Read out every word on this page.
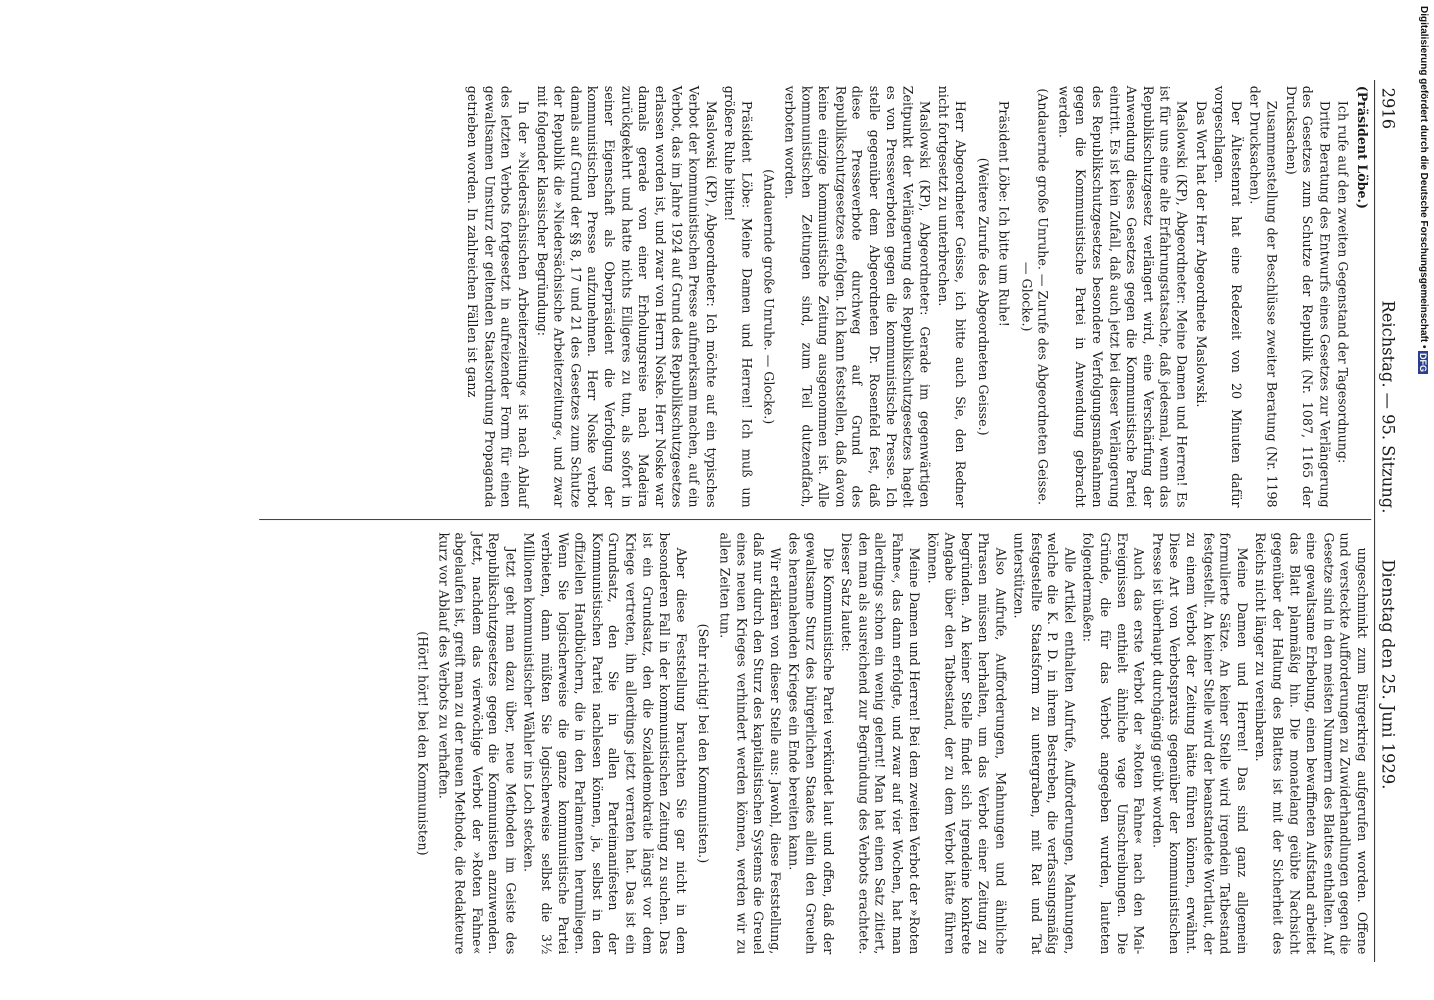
2916
Reichstag. — 95. Sitzung.
Dienstag den 25. Juni 1929.

(Präsident Löbe.)

Ich rufe auf den zweiten Gegenstand der Tagesordnung:

Dritte Beratung des Entwurfs eines Gesetzes zur Verlängerung des Gesetzes zum Schutze der Republik (Nr. 1087, 1165 der Drucksachen)

Zusammenstellung der Beschlüsse zweiter Beratung (Nr. 1198 der Drucksachen).

Der Ältestenrat hat eine Redezeit von 20 Minuten dafür vorgeschlagen.

Das Wort hat der Herr Abgeordnete Maslowski.

Maslowski (KP), Abgeordneter: Meine Damen und Herren! Es ist für uns eine alte Erfahrungstatsache, daß jedesmal, wenn das Republikschutzgesetz verlängert wird, eine Verschärfung der Anwendung dieses Gesetzes gegen die Kommunistische Partei eintritt. Es ist kein Zufall, daß auch jetzt bei dieser Verlängerung des Republikschutzgesetzes besondere Verfolgungsmaßnahmen gegen die Kommunistische Partei in Anwendung gebracht werden.

(Andauernde große Unruhe. — Zurufe des Abgeordneten Geisse. — Glocke.)

Präsident Löbe: Ich bitte um Ruhe!

(Weitere Zurufe des Abgeordneten Geisse.)

Herr Abgeordneter Geisse, ich bitte auch Sie, den Redner nicht fortgesetzt zu unterbrechen.

Maslowski (KP), Abgeordneter: Gerade im gegenwärtigen Zeitpunkt der Verlängerung des Republikschutzgesetzes hagelt es von Presseverboten gegen die kommunistische Presse. Ich stelle gegenüber dem Abgeordneten Dr. Rosenfeld fest, daß diese Presseverbote durchweg auf Grund des Republikschutzgesetzes erfolgen. Ich kann feststellen, daß davon keine einzige kommunistische Zeitung ausgenommen ist. Alle kommunistischen Zeitungen sind, zum Teil dutzendfach, verboten worden.

(Andauernde große Unruhe. — Glocke.)

Präsident Löbe: Meine Damen und Herren! Ich muß um größere Ruhe bitten!

Maslowski (KP), Abgeordneter: Ich möchte auf ein typisches Verbot der kommunistischen Presse aufmerksam machen, auf ein Verbot, das im Jahre 1924 auf Grund des Republikschutzgesetzes erlassen worden ist, und zwar von Herrn Noske. Herr Noske war damals gerade von einer Erholungsreise nach Madeira zurückgekehrt und hatte nichts Eiligeres zu tun, als sofort in seiner Eigenschaft als Oberpräsident die Verfolgung der kommunistischen Presse aufzunehmen. Herr Noske verbot damals auf Grund der §§ 8, 17 und 21 des Gesetzes zum Schutze der Republik die »Niedersächsische Arbeiterzeitung«, und zwar mit folgender klassischer Begründung:

In der »Niedersächsischen Arbeiterzeitung« ist nach Ablauf des letzten Verbots fortgesetzt in aufreizender Form für einen gewaltsamen Umsturz der geltenden Staatsordnung Propaganda getrieben worden. In zahlreichen Fällen ist ganz

ungeschminkt zum Bürgerkrieg aufgerufen worden. Offene und versteckte Aufforderungen zu Zuwiderhandlungen gegen die Gesetze sind in den meisten Nummern des Blattes enthalten. Auf eine gewaltsame Erhebung, einen bewaffneten Aufstand arbeitet das Blatt planmäßig hin. Die monatelang geübte Nachsicht gegenüber der Haltung des Blattes ist mit der Sicherheit des Reichs nicht länger zu vereinbaren.

Meine Damen und Herren! Das sind ganz allgemein formulierte Sätze. An keiner Stelle wird irgendein Tatbestand festgestellt. An keiner Stelle wird der beanstandete Wortlaut, der zu einem Verbot der Zeitung hätte führen können, erwähnt. Diese Art von Verbotspraxis gegenüber der kommunistischen Presse ist überhaupt durchgängig geübt worden.

Auch das erste Verbot der »Roten Fahne« nach den Mai-Ereignissen enthielt ähnliche vage Umschreibungen. Die Gründe, die für das Verbot angegeben wurden, lauteten folgendermaßen:

Alle Artikel enthalten Aufrufe, Aufforderungen, Mahnungen, welche die K. P. D. in ihrem Bestreben, die verfassungsmäßig festgestellte Staatsform zu untergraben, mit Rat und Tat unterstützen.

Also Aufrufe, Aufforderungen, Mahnungen und ähnliche Phrasen müssen herhalten, um das Verbot einer Zeitung zu begründen. An keiner Stelle findet sich irgendeine konkrete Angabe über den Tatbestand, der zu dem Verbot hätte führen können.

Meine Damen und Herren! Bei dem zweiten Verbot der »Roten Fahne«, das dann erfolgte, und zwar auf vier Wochen, hat man allerdings schon ein wenig gelernt! Man hat einen Satz zitiert, den man als ausreichend zur Begründung des Verbots erachtete. Dieser Satz lautet:

Die Kommunistische Partei verkündet laut und offen, daß der gewaltsame Sturz des bürgerlichen Staates allein den Greueln des herannahenden Krieges ein Ende bereiten kann.

Wir erklären von dieser Stelle aus: Jawohl, diese Feststellung, daß nur durch den Sturz des kapitalistischen Systems die Greuel eines neuen Krieges verhindert werden können, werden wir zu allen Zeiten tun.

(Sehr richtig! bei den Kommunisten.)

Aber diese Feststellung brauchten Sie gar nicht in dem besonderen Fall in der kommunistischen Zeitung zu suchen. Das ist ein Grundsatz, den die Sozialdemokratie längst vor dem Kriege vertreten, ihn allerdings jetzt verraten hat. Das ist ein Grundsatz, den Sie in allen Parteimanifesten der Kommunistischen Partei nachlesen können, ja, selbst in den offiziellen Handbüchern, die in den Parlamenten herumliegen. Wenn Sie logischerweise die ganze kommunistische Partei verbieten, dann müßten Sie logischerweise selbst die 3½ Millionen kommunistischer Wähler ins Loch stecken.

Jetzt geht man dazu über, neue Methoden im Geiste des Republikschutzgesetzes gegen die Kommunisten anzuwenden. Jetzt, nachdem das vierwöchige Verbot der »Roten Fahne« abgelaufen ist, greift man zu der neuen Methode, die Redakteure kurz vor Ablauf des Verbots zu verhaften.

(Hört! hört! bei den Kommunisten)

Digitalisierung gefördert durch die Deutsche Forschungsgemeinschaft • DFG
